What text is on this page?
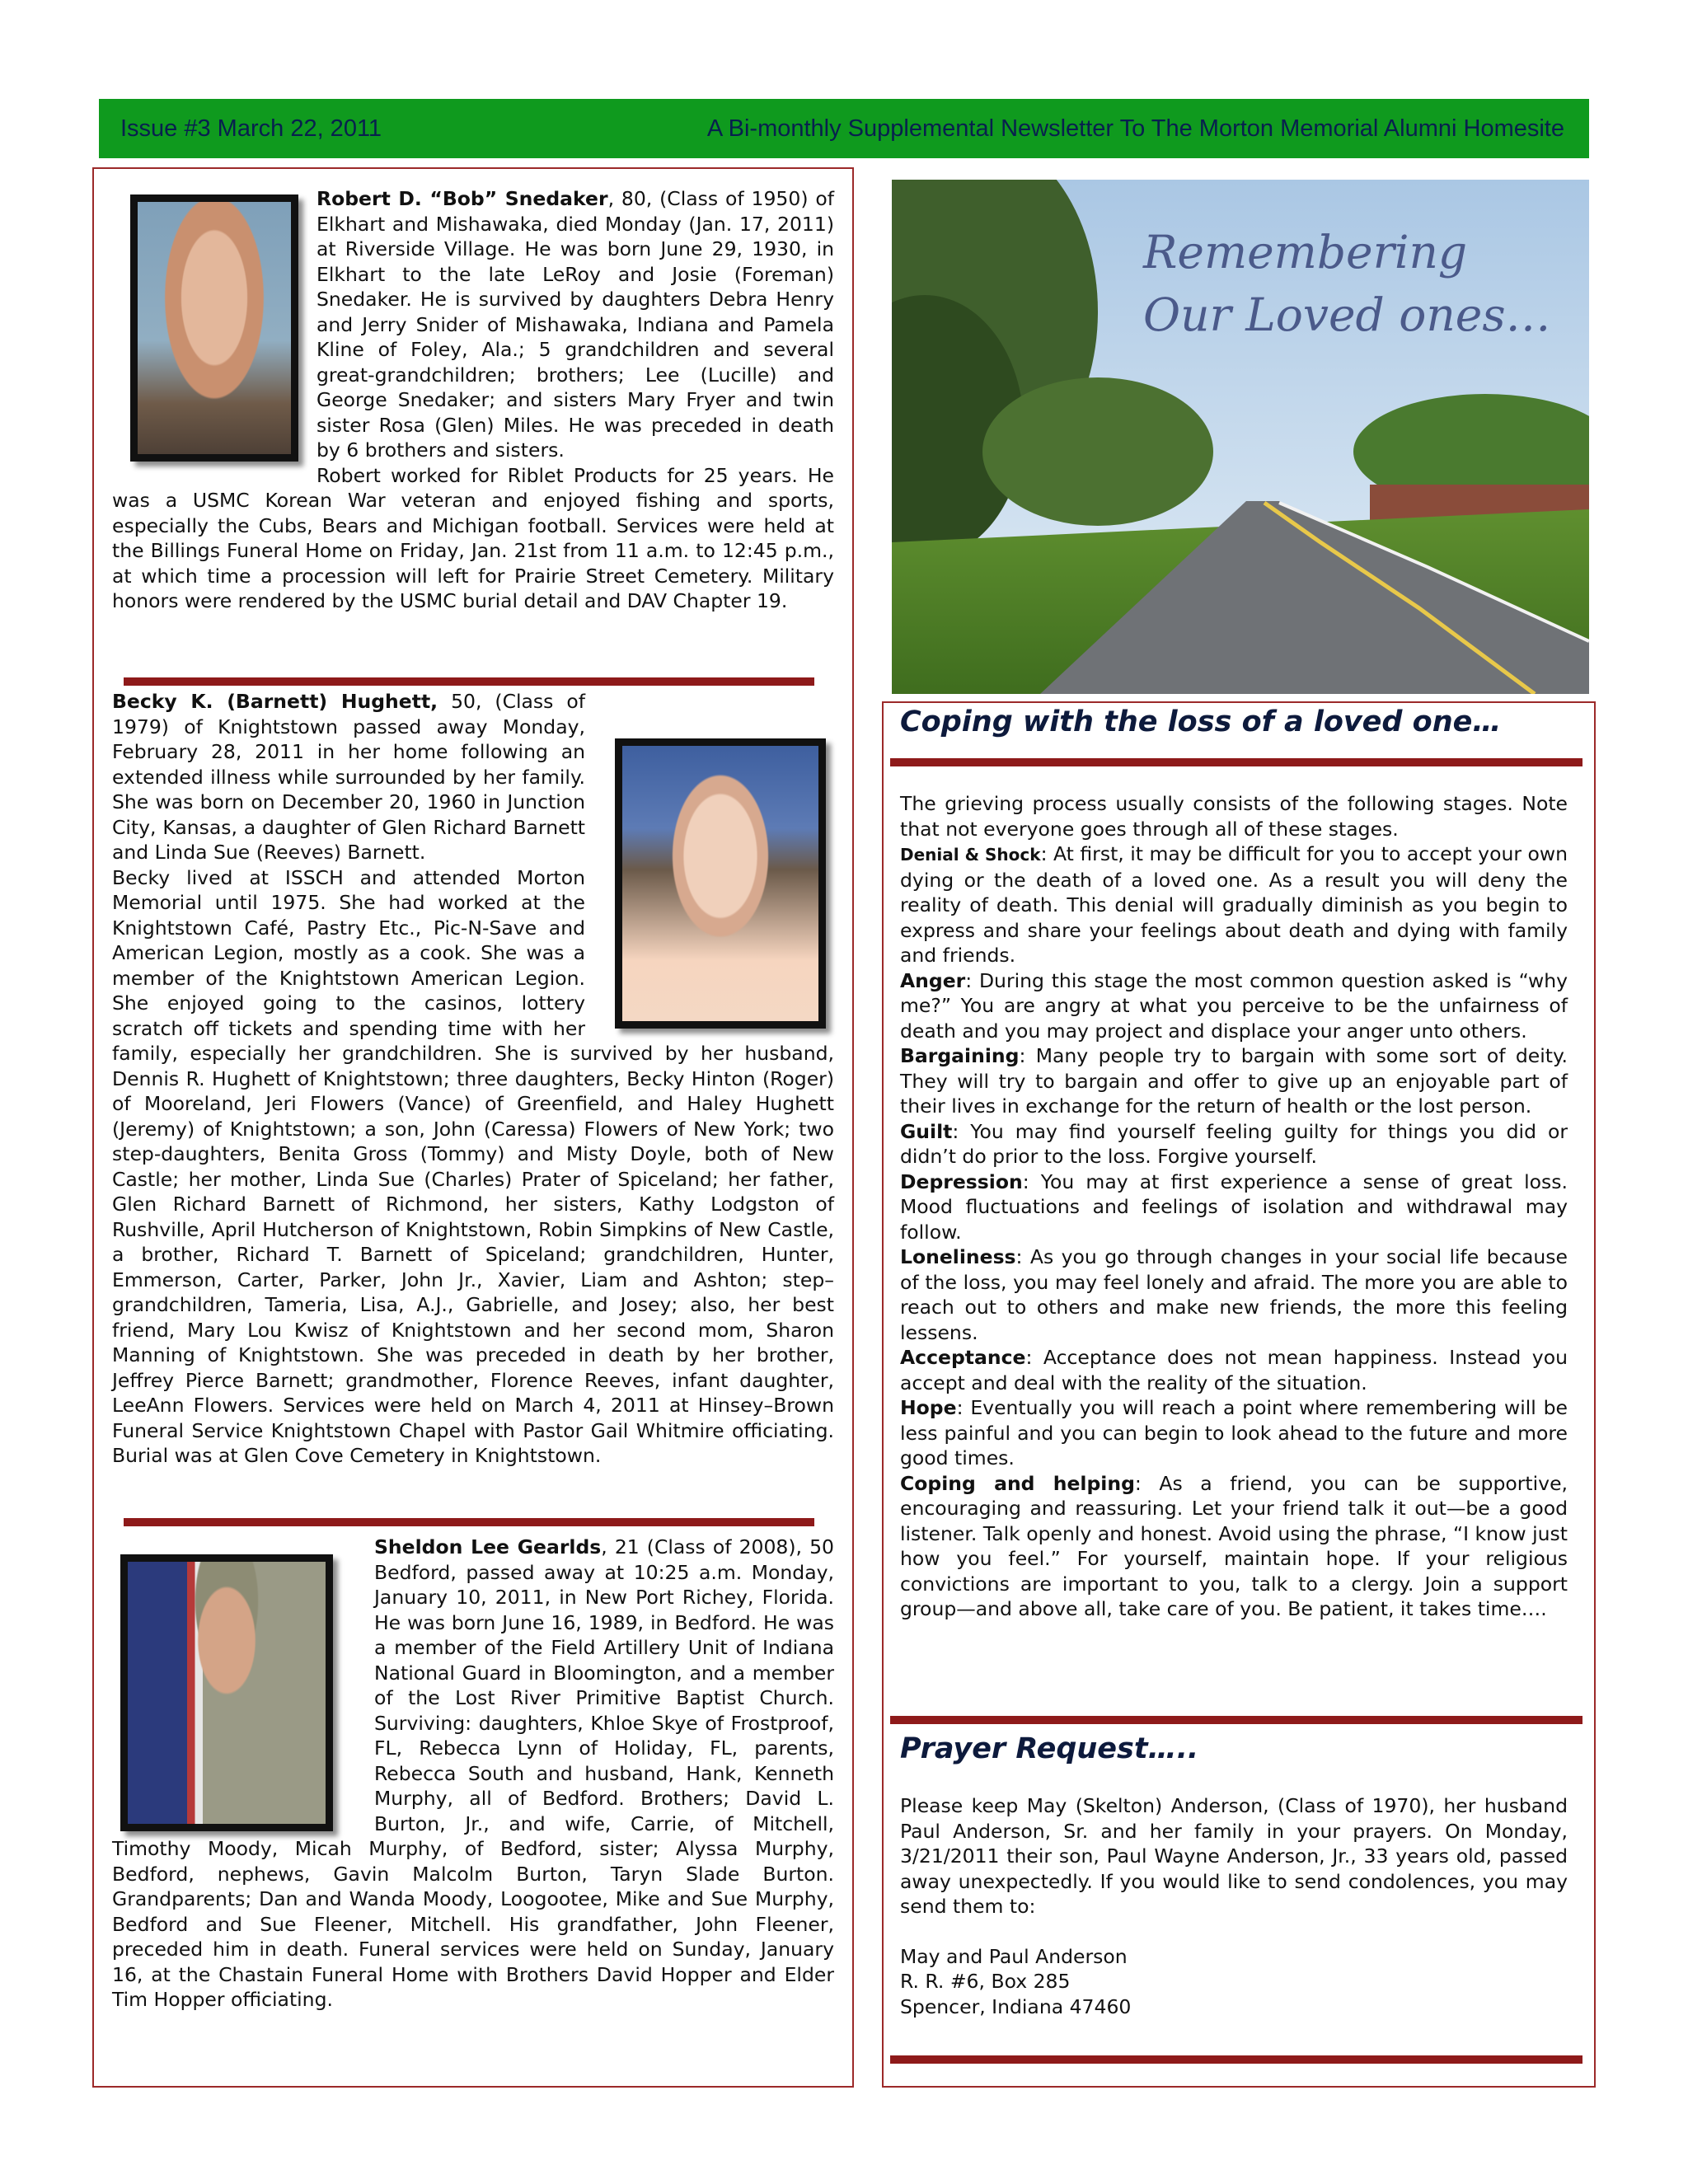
Issue #3 March 22, 2011	A Bi-monthly Supplemental Newsletter To The Morton Memorial Alumni Homesite

Robert D. “Bob” Snedaker, 80, (Class of 1950) of Elkhart and Mishawaka, died Monday (Jan. 17, 2011) at Riverside Village. He was born June 29, 1930, in Elkhart to the late LeRoy and Josie (Foreman) Snedaker. He is survived by daughters Debra Henry and Jerry Snider of Mishawaka, Indiana and Pamela Kline of Foley, Ala.; 5 grandchildren and several great-grandchildren; brothers; Lee (Lucille) and George Snedaker; and sisters Mary Fryer and twin sister Rosa (Glen) Miles. He was preceded in death by 6 brothers and sisters.

Robert worked for Riblet Products for 25 years. He was a USMC Korean War veteran and enjoyed fishing and sports, especially the Cubs, Bears and Michigan football. Services were held at the Billings Funeral Home on Friday, Jan. 21st from 11 a.m. to 12:45 p.m., at which time a procession will left for Prairie Street Cemetery. Military honors were rendered by the USMC burial detail and DAV Chapter 19.

Becky K. (Barnett) Hughett, 50, (Class of 1979) of Knightstown passed away Monday, February 28, 2011 in her home following an extended illness while surrounded by her family. She was born on December 20, 1960 in Junction City, Kansas, a daughter of Glen Richard Barnett and Linda Sue (Reeves) Barnett.

Becky lived at ISSCH and attended Morton Memorial until 1975. She had worked at the Knightstown Café, Pastry Etc., Pic-N-Save and American Legion, mostly as a cook. She was a member of the Knightstown American Legion. She enjoyed going to the casinos, lottery scratch off tickets and spending time with her family, especially her grandchildren. She is survived by her husband, Dennis R. Hughett of Knightstown; three daughters, Becky Hinton (Roger) of Mooreland, Jeri Flowers (Vance) of Greenfield, and Haley Hughett (Jeremy) of Knightstown; a son, John (Caressa) Flowers of New York; two step-daughters, Benita Gross (Tommy) and Misty Doyle, both of New Castle; her mother, Linda Sue (Charles) Prater of Spiceland; her father, Glen Richard Barnett of Richmond, her sisters, Kathy Lodgston of Rushville, April Hutcherson of Knightstown, Robin Simpkins of New Castle, a brother, Richard T. Barnett of Spiceland; grandchildren, Hunter, Emmerson, Carter, Parker, John Jr., Xavier, Liam and Ashton; step–grandchildren, Tameria, Lisa, A.J., Gabrielle, and Josey; also, her best friend, Mary Lou Kwisz of Knightstown and her second mom, Sharon Manning of Knightstown. She was preceded in death by her brother, Jeffrey Pierce Barnett; grandmother, Florence Reeves, infant daughter, LeeAnn Flowers. Services were held on March 4, 2011 at Hinsey–Brown Funeral Service Knightstown Chapel with Pastor Gail Whitmire officiating. Burial was at Glen Cove Cemetery in Knightstown.

Sheldon Lee Gearlds, 21 (Class of 2008), 50 Bedford, passed away at 10:25 a.m. Monday, January 10, 2011, in New Port Richey, Florida. He was born June 16, 1989, in Bedford. He was a member of the Field Artillery Unit of Indiana National Guard in Bloomington, and a member of the Lost River Primitive Baptist Church. Surviving: daughters, Khloe Skye of Frostproof, FL, Rebecca Lynn of Holiday, FL, parents, Rebecca South and husband, Hank, Kenneth Murphy, all of Bedford. Brothers; David L. Burton, Jr., and wife, Carrie, of Mitchell, Timothy Moody, Micah Murphy, of Bedford, sister; Alyssa Murphy, Bedford, nephews, Gavin Malcolm Burton, Taryn Slade Burton. Grandparents; Dan and Wanda Moody, Loogootee, Mike and Sue Murphy, Bedford and Sue Fleener, Mitchell. His grandfather, John Fleener, preceded him in death. Funeral services were held on Sunday, January 16, at the Chastain Funeral Home with Brothers David Hopper and Elder Tim Hopper officiating.

Remembering
Our Loved ones…
Coping with the loss of a loved one…

The grieving process usually consists of the following stages. Note that not everyone goes through all of these stages.

Denial & Shock: At first, it may be difficult for you to accept your own dying or the death of a loved one. As a result you will deny the reality of death. This denial will gradually diminish as you begin to express and share your feelings about death and dying with family and friends.

Anger: During this stage the most common question asked is “why me?” You are angry at what you perceive to be the unfairness of death and you may project and displace your anger unto others.

Bargaining: Many people try to bargain with some sort of deity. They will try to bargain and offer to give up an enjoyable part of their lives in exchange for the return of health or the lost person.

Guilt: You may find yourself feeling guilty for things you did or didn’t do prior to the loss. Forgive yourself.

Depression: You may at first experience a sense of great loss. Mood fluctuations and feelings of isolation and withdrawal may follow.

Loneliness: As you go through changes in your social life because of the loss, you may feel lonely and afraid. The more you are able to reach out to others and make new friends, the more this feeling lessens.

Acceptance: Acceptance does not mean happiness. Instead you accept and deal with the reality of the situation.

Hope: Eventually you will reach a point where remembering will be less painful and you can begin to look ahead to the future and more good times.

Coping and helping: As a friend, you can be supportive, encouraging and reassuring. Let your friend talk it out—be a good listener. Talk openly and honest. Avoid using the phrase, “I know just how you feel.” For yourself, maintain hope. If your religious convictions are important to you, talk to a clergy. Join a support group—and above all, take care of you. Be patient, it takes time….

Prayer Request…..

Please keep May (Skelton) Anderson, (Class of 1970), her husband Paul Anderson, Sr. and her family in your prayers. On Monday, 3/21/2011 their son, Paul Wayne Anderson, Jr., 33 years old, passed away unexpectedly. If you would like to send condolences, you may send them to:

May and Paul Anderson

R. R. #6, Box 285

Spencer, Indiana 47460
